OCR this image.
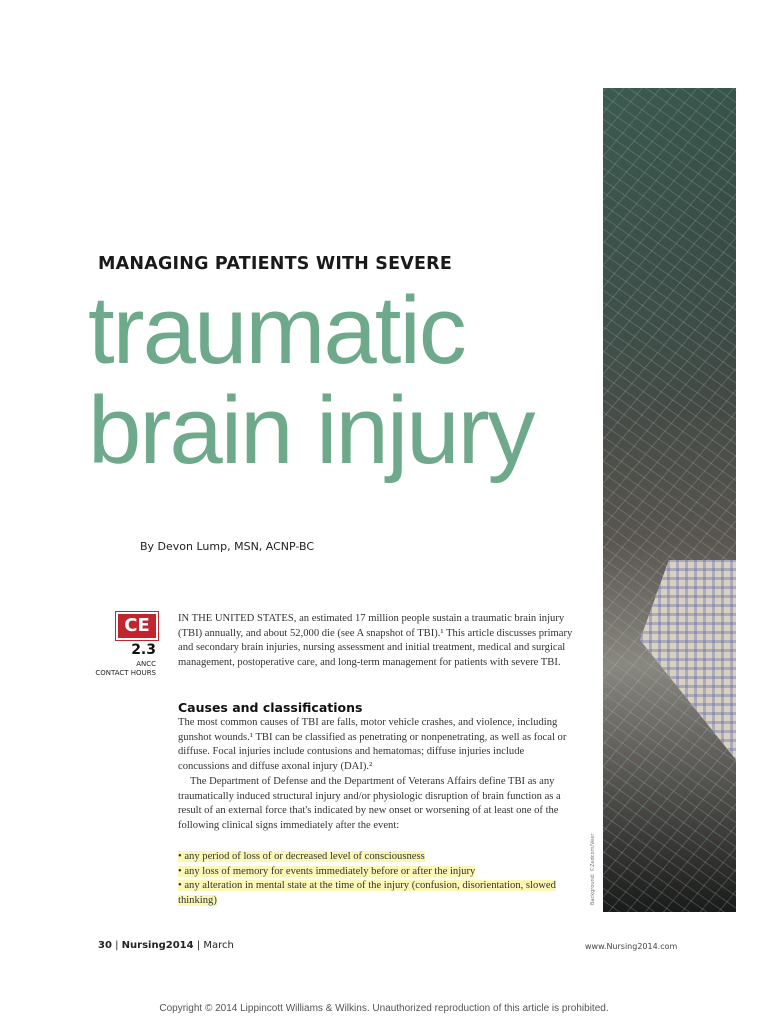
Background: ©Zedcom/Veer
MANAGING PATIENTS WITH SEVERE
traumatic
brain injury
By Devon Lump, MSN, ACNP-BC
CE
2.3
ANCC
CONTACT HOURS
IN THE UNITED STATES, an estimated 17 million people sustain a traumatic brain injury (TBI) annually, and about 52,000 die (see A snapshot of TBI).¹ This article discusses primary and secondary brain injuries, nursing assessment and initial treatment, medical and surgical management, postoperative care, and long-term management for patients with severe TBI.
Causes and classifications
The most common causes of TBI are falls, motor vehicle crashes, and violence, including gunshot wounds.¹ TBI can be classified as penetrating or nonpenetrating, as well as focal or diffuse. Focal injuries include contusions and hematomas; diffuse injuries include concussions and diffuse axonal injury (DAI).²
The Department of Defense and the Department of Veterans Affairs define TBI as any traumatically induced structural injury and/or physiologic disruption of brain function as a result of an external force that's indicated by new onset or worsening of at least one of the following clinical signs immediately after the event:
• any period of loss of or decreased level of consciousness
• any loss of memory for events immediately before or after the injury
• any alteration in mental state at the time of the injury (confusion, disorientation, slowed thinking)
30 | Nursing2014 | March	www.Nursing2014.com
Copyright © 2014 Lippincott Williams & Wilkins. Unauthorized reproduction of this article is prohibited.
